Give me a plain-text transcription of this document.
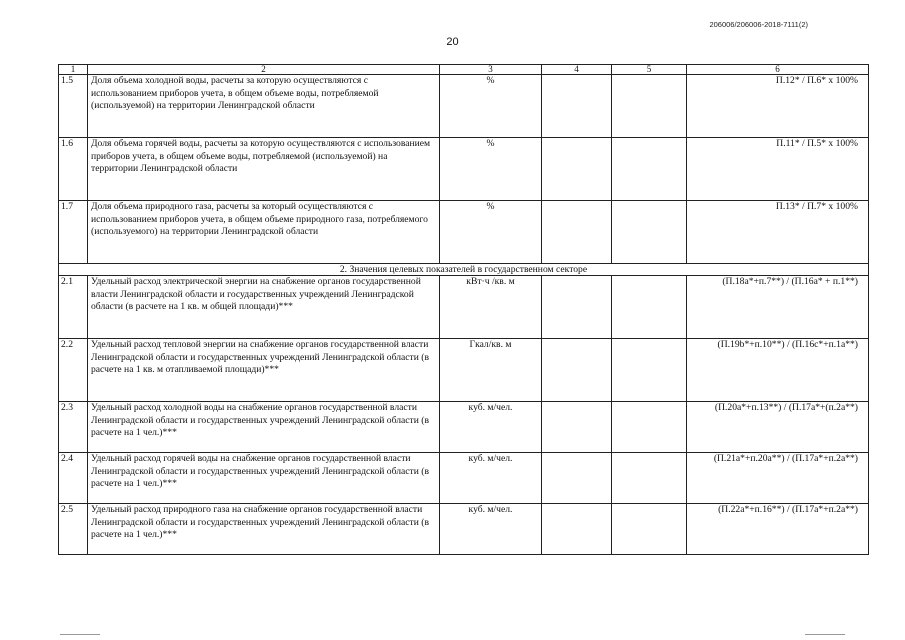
206006/206006-2018-7111(2)
20
1	2	3	4	5	6
1.5	Доля объема холодной воды, расчеты за которую осуществляются с использованием приборов учета, в общем объеме воды, потребляемой (используемой) на территории Ленинградской области	%			П.12* / П.6* x 100%
1.6	Доля объема горячей воды, расчеты за которую осуществляются с использованием приборов учета, в общем объеме воды, потребляемой (используемой) на территории Ленинградской области	%			П.11* / П.5* x 100%
1.7	Доля объема природного газа, расчеты за который осуществляются с использованием приборов учета, в общем объеме природного газа, потребляемого (используемого) на территории Ленинградской области	%			П.13* / П.7* x 100%
2. Значения целевых показателей в государственном секторе					
2.1	Удельный расход электрической энергии на снабжение органов государственной власти Ленинградской области и государственных учреждений Ленинградской области (в расчете на 1 кв. м общей площади)***	кВт·ч /кв. м			(П.18а*+п.7**) / (П.16а* + п.1**)
2.2	Удельный расход тепловой энергии на снабжение органов государственной власти Ленинградской области и государственных учреждений Ленинградской области (в расчете на 1 кв. м отапливаемой площади)***	Гкал/кв. м			(П.19b*+п.10**) / (П.16с*+п.1а**)
2.3	Удельный расход холодной воды на снабжение органов государственной власти Ленинградской области и государственных учреждений Ленинградской области (в расчете на 1 чел.)***	куб. м/чел.			(П.20а*+п.13**) / (П.17а*+(п.2а**)
2.4	Удельный расход горячей воды на снабжение органов государственной власти Ленинградской области и государственных учреждений Ленинградской области (в расчете на 1 чел.)***	куб. м/чел.			(П.21а*+п.20а**) / (П.17а*+п.2а**)
2.5	Удельный расход природного газа на снабжение органов государственной власти Ленинградской области и государственных учреждений Ленинградской области (в расчете на 1 чел.)***	куб. м/чел.			(П.22а*+п.16**) / (П.17а*+п.2а**)
